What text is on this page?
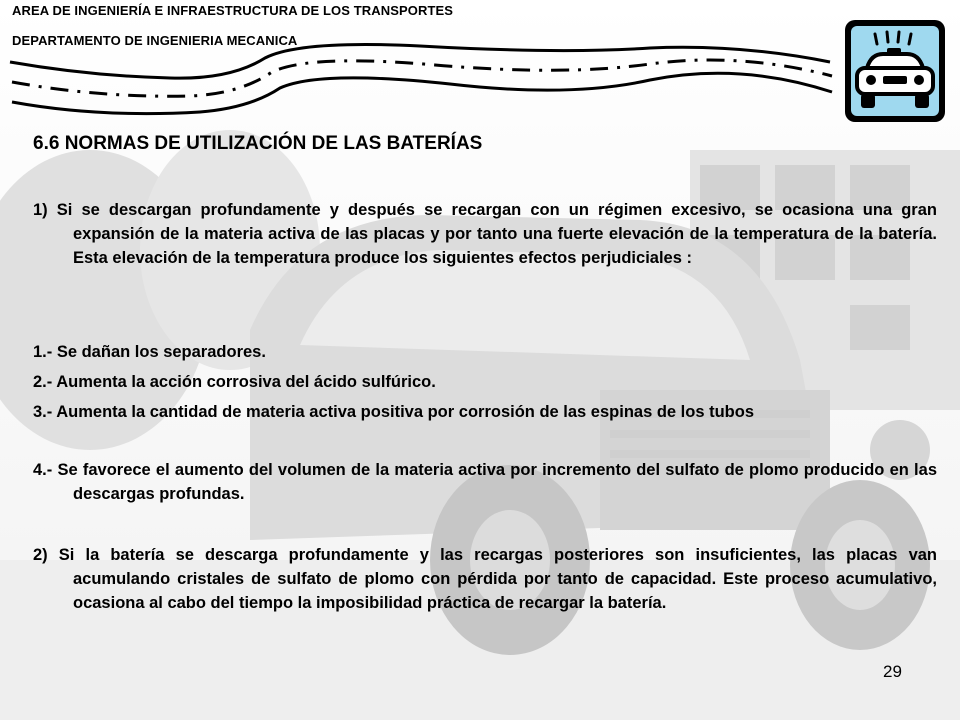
AREA DE INGENIERÍA E INFRAESTRUCTURA DE LOS TRANSPORTES
DEPARTAMENTO DE INGENIERIA MECANICA
6.6 NORMAS DE UTILIZACIÓN DE LAS BATERÍAS
1) Si se descargan profundamente y después se recargan con un régimen excesivo, se ocasiona una gran expansión de la materia activa de las placas y por tanto una fuerte elevación de la temperatura de la batería. Esta elevación de la temperatura produce los siguientes efectos perjudiciales :
1.- Se dañan los separadores.
2.- Aumenta la acción corrosiva del ácido sulfúrico.
3.- Aumenta la cantidad de materia activa positiva por corrosión de las espinas de los tubos
4.- Se favorece el aumento del volumen de la materia activa por incremento del sulfato de plomo producido en las descargas profundas.
2) Si la batería se descarga profundamente y las recargas posteriores son insuficientes, las placas van acumulando cristales de sulfato de plomo con pérdida por tanto de capacidad. Este proceso acumulativo, ocasiona al cabo del tiempo la imposibilidad práctica de recargar la batería.
29
